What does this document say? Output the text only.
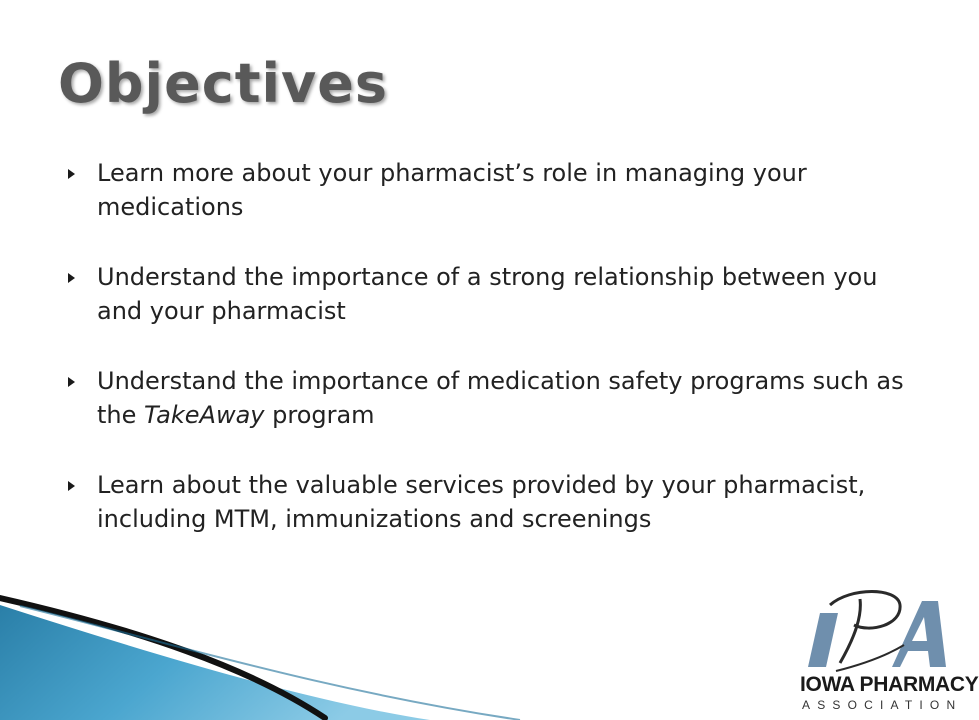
Objectives
Learn more about your pharmacist’s role in managing your medications
Understand the importance of a strong relationship between you and your pharmacist
Understand the importance of medication safety programs such as the TakeAway program
Learn about the valuable services provided by your pharmacist, including MTM, immunizations and screenings
IOWA PHARMACY
ASSOCIATION
